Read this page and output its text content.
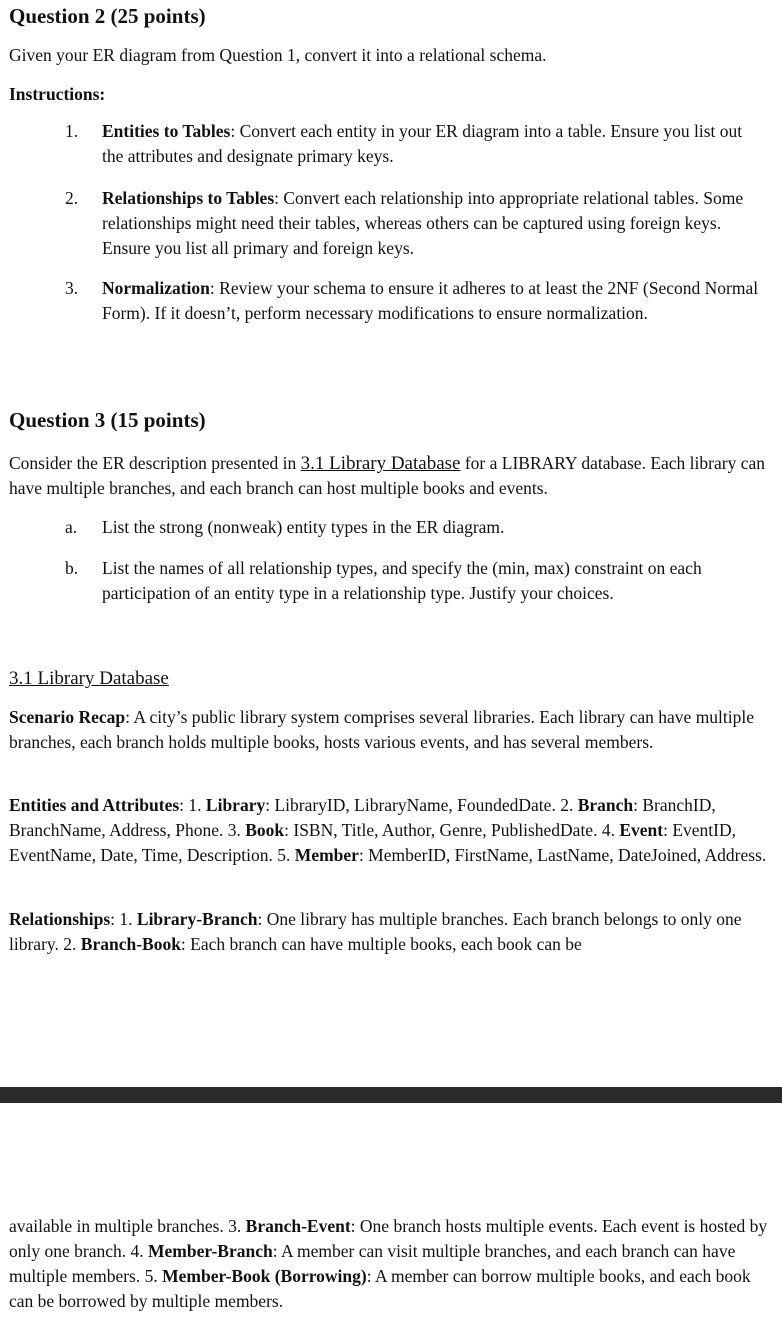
Question 2 (25 points)
Given your ER diagram from Question 1, convert it into a relational schema.
Instructions:
1. Entities to Tables: Convert each entity in your ER diagram into a table. Ensure you list out the attributes and designate primary keys.
2. Relationships to Tables: Convert each relationship into appropriate relational tables. Some relationships might need their tables, whereas others can be captured using foreign keys. Ensure you list all primary and foreign keys.
3. Normalization: Review your schema to ensure it adheres to at least the 2NF (Second Normal Form). If it doesn’t, perform necessary modifications to ensure normalization.
Question 3 (15 points)
Consider the ER description presented in 3.1 Library Database for a LIBRARY database. Each library can have multiple branches, and each branch can host multiple books and events.
a. List the strong (nonweak) entity types in the ER diagram.
b. List the names of all relationship types, and specify the (min, max) constraint on each participation of an entity type in a relationship type. Justify your choices.
3.1 Library Database
Scenario Recap: A city’s public library system comprises several libraries. Each library can have multiple branches, each branch holds multiple books, hosts various events, and has several members.
Entities and Attributes: 1. Library: LibraryID, LibraryName, FoundedDate. 2. Branch: BranchID, BranchName, Address, Phone. 3. Book: ISBN, Title, Author, Genre, PublishedDate. 4. Event: EventID, EventName, Date, Time, Description. 5. Member: MemberID, FirstName, LastName, DateJoined, Address.
Relationships: 1. Library-Branch: One library has multiple branches. Each branch belongs to only one library. 2. Branch-Book: Each branch can have multiple books, each book can be
available in multiple branches. 3. Branch-Event: One branch hosts multiple events. Each event is hosted by only one branch. 4. Member-Branch: A member can visit multiple branches, and each branch can have multiple members. 5. Member-Book (Borrowing): A member can borrow multiple books, and each book can be borrowed by multiple members.
